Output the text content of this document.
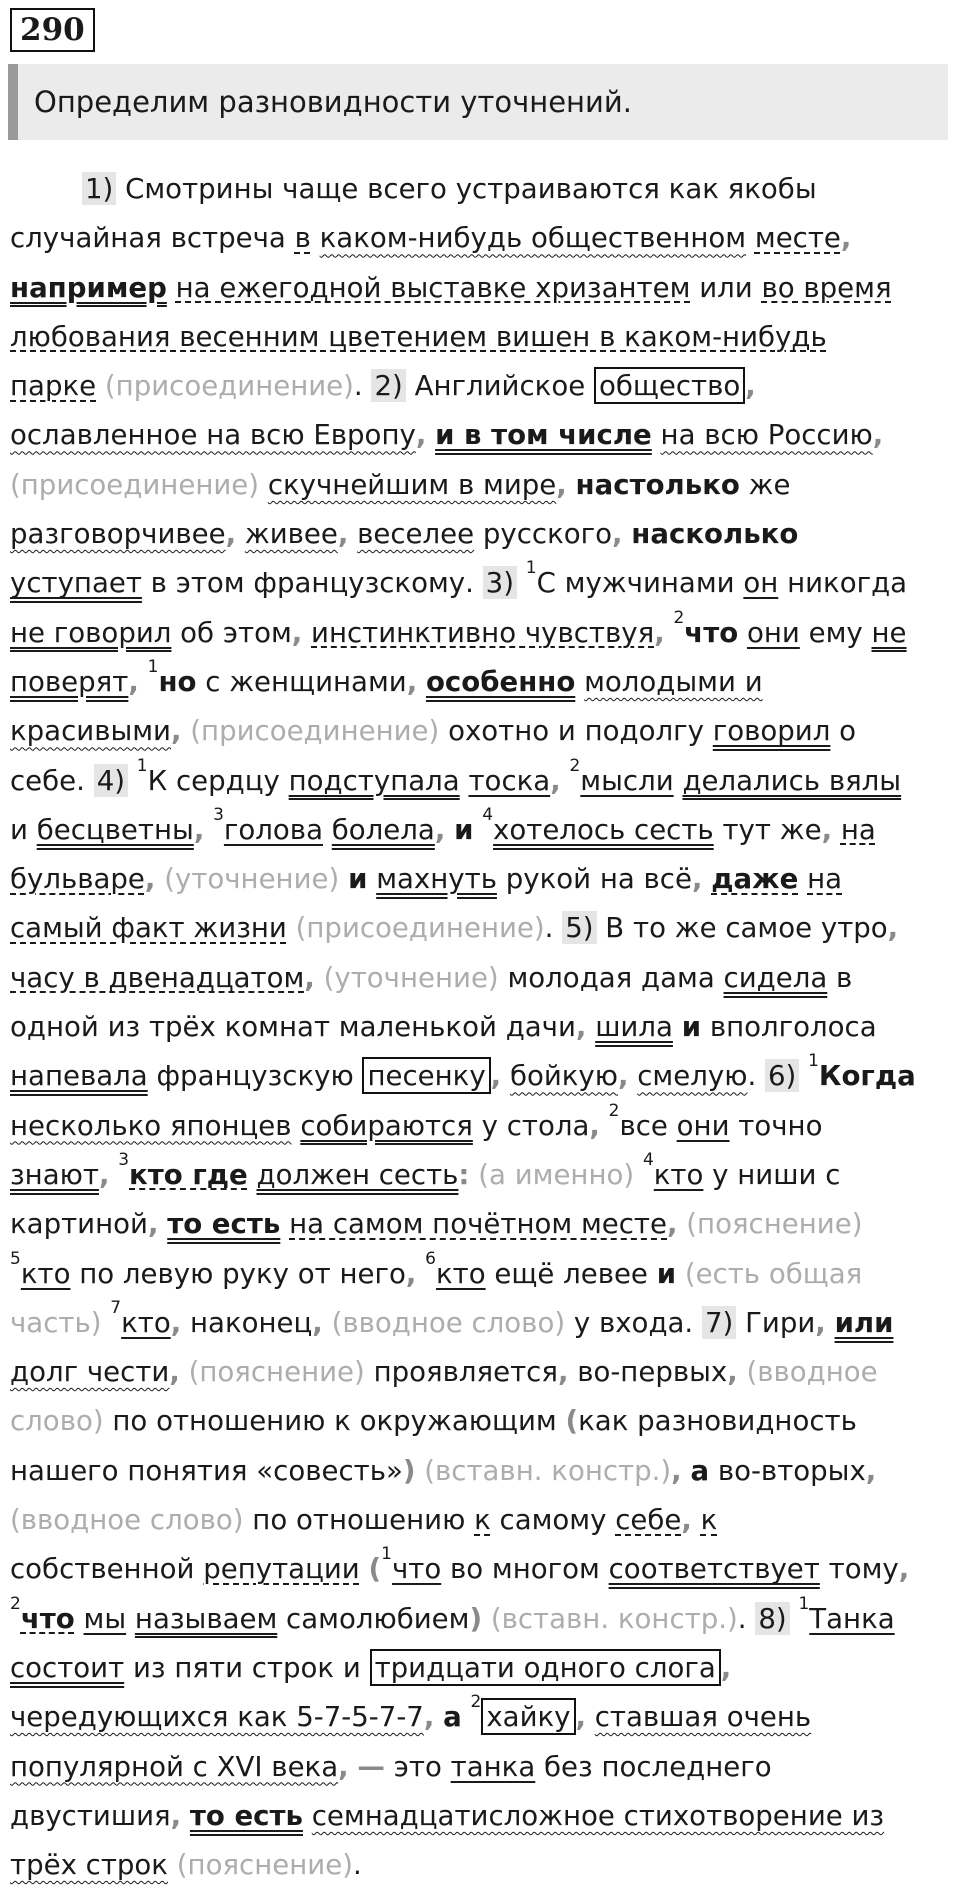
290
Определим разновидности уточнений.
1) Смотрины чаще всего устраиваются как якобы
случайная встреча в каком-нибудь общественном месте,
например на ежегодной выставке хризантем или во время
любования весенним цветением вишен в каком-нибудь
парке (присоединение). 2) Английское общество ,
ославленное на всю Европу, и в том числе на всю Россию,
(присоединение) скучнейшим в мире, настолько же
разговорчивее, живее, веселее русского, насколько
уступает в этом французскому. 3) $^1$С мужчинами он никогда
не говорил об этом, инстинктивно чувствуя, $^2$что они ему не
поверят, $^1$но с женщинами, особенно молодыми и
красивыми, (присоединение) охотно и подолгу говорил о
себе. 4) $^1$К сердцу подступала тоска, $^2$мысли делались вялы
и бесцветны, $^3$голова болела, и $^4$хотелось сесть тут же, на
бульваре, (уточнение) и махнуть рукой на всё, даже на
самый факт жизни (присоединение). 5) В то же самое утро,
часу в двенадцатом, (уточнение) молодая дама сидела в
одной из трёх комнат маленькой дачи, шила и вполголоса
напевала французскую песенку , бойкую, смелую. 6) $^1$Когда
несколько японцев собираются у стола, $^2$все они точно
знают, $^3$кто где должен сесть: (а именно) $^4$кто у ниши с
картиной, то есть на самом почётном месте, (пояснение)
$^5$кто по левую руку от него, $^6$кто ещё левее и (есть общая
часть) $^7$кто, наконец, (вводное слово) у входа. 7) Гири, или
долг чести, (пояснение) проявляется, во-первых, (вводное
слово) по отношению к окружающим (как разновидность
нашего понятия «совесть») (вставн. констр.), а во-вторых,
(вводное слово) по отношению к самому себе, к
собственной репутации ($^1$что во многом соответствует тому,
$^2$что мы называем самолюбием) (вставн. констр.). 8) $^1$Танка
состоит из пяти строк и тридцати одного слога ,
чередующихся как 5-7-5-7-7, а $^2$ хайку , ставшая очень
популярной с XVI века, — это танка без последнего
двустишия, то есть семнадцатисложное стихотворение из
трёх строк (пояснение).
